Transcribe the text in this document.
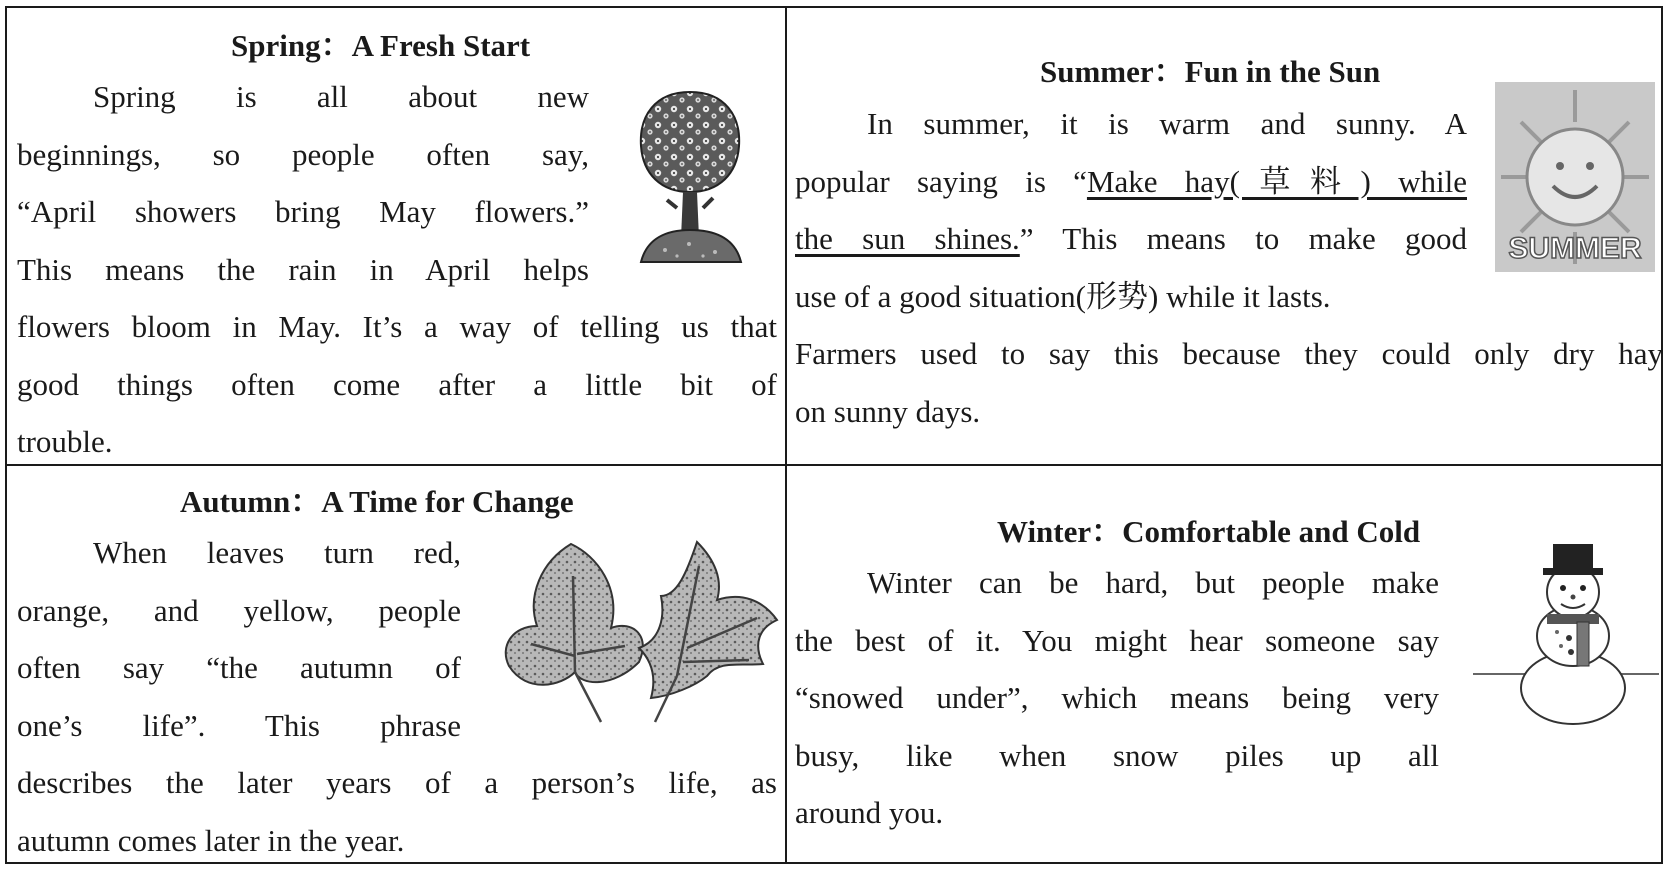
Spring：A Fresh Start
Spring is all about new
beginnings, so people often say,
“April showers bring May flowers.”
This means the rain in April helps
flowers bloom in May. It’s a way of telling us that
good things often come after a little bit of
trouble.
Summer：Fun in the Sun
In summer, it is warm and sunny. A
popular saying is “Make hay(草料) while
the sun shines.” This means to make good
use of a good situation(形势) while it lasts.
Farmers used to say this because they could only dry hay
on sunny days.
SUMMER
Autumn：A Time for Change
When leaves turn red,
orange, and yellow, people
often say “the autumn of
one’s life”. This phrase
describes the later years of a person’s life, as
autumn comes later in the year.
Winter：Comfortable and Cold
Winter can be hard, but people make
the best of it. You might hear someone say
“snowed under”, which means being very
busy, like when snow piles up all
around you.
